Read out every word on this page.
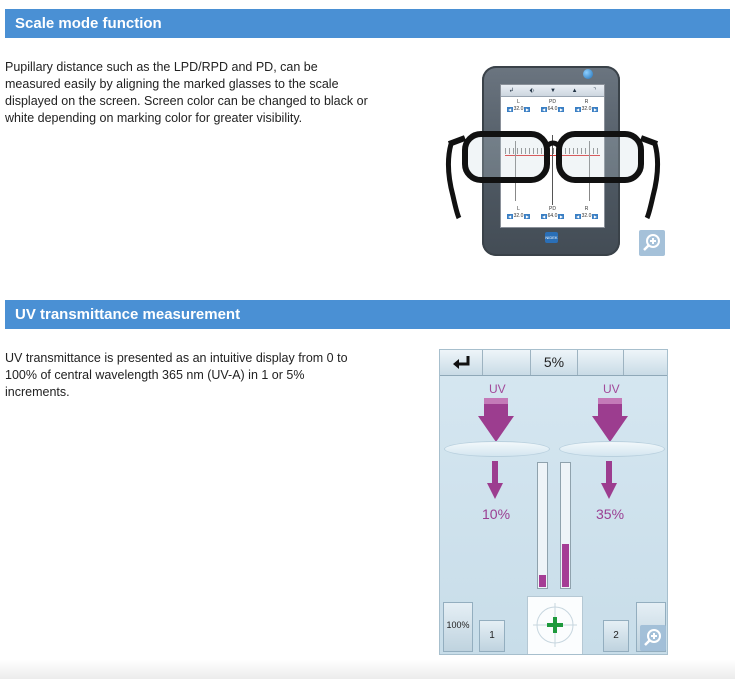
Scale mode function
Pupillary distance such as the LPD/RPD and PD, can be measured easily by aligning the marked glasses to the scale displayed on the screen. Screen color can be changed to black or white depending on marking color for greater visibility.
↲	⬖	▼	▲	⌝
L
◀ 32.0 ▶
PD
◀ 64.0 ▶
R
◀ 32.0 ▶
L
◀ 32.0 ▶
PD
◀ 64.0 ▶
R
◀ 32.0 ▶
NIDEK
UV transmittance measurement
UV transmittance is presented as an intuitive display from 0 to 100% of central wavelength 365 nm (UV-A) in 1 or 5% increments.
5%
UV	UV
10%	35%
100%
1	2
